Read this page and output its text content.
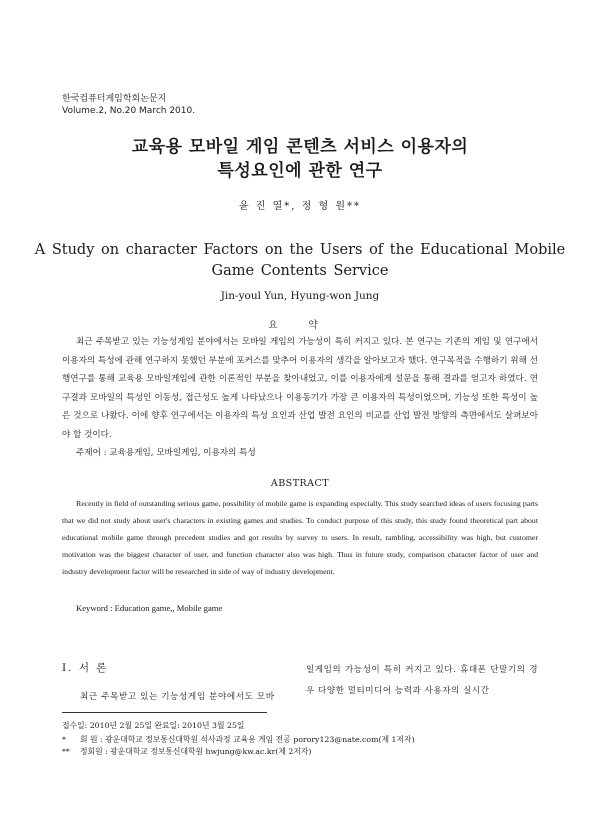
한국컴퓨터게임학회논문지
Volume.2, No.20 March 2010.
교육용 모바일 게임 콘텐츠 서비스 이용자의
특성요인에 관한 연구
윤 진 열*, 정 형 원**
A Study on character Factors on the Users of the Educational Mobile
Game Contents Service
Jin-youl Yun, Hyung-won Jung
요 약
최근 주목받고 있는 기능성게임 분야에서는 모바일 게임의 가능성이 특히 커지고 있다. 본 연구는 기존의 게임 및 연구에서 이용자의 특성에 관해 연구하지 못했던 부분에 포커스를 맞추어 이용자의 생각을 알아보고자 했다. 연구목적을 수행하기 위해 선행연구를 통해 교육용 모바일게임에 관한 이론적인 부분을 찾아내었고, 이를 이용자에게 설문을 통해 결과를 얻고자 하였다. 연구결과 모바일의 특성인 이동성, 접근성도 높게 나타났으나 이용동기가 가장 큰 이용자의 특성이었으며, 기능성 또한 특성이 높은 것으로 나왔다. 이에 향후 연구에서는 이용자의 특성 요인과 산업 발전 요인의 비교를 산업 발전 방향의 측면에서도 살펴보아야 할 것이다.
주제어 : 교육용게임, 모바일게임, 이용자의 특성
ABSTRACT
Recently in field of outstanding serious game, possibility of mobile game is expanding especially. This study searched ideas of users focusing parts that we did not study about user's characters in existing games and studies. To conduct purpose of this study, this study found theoretical part about educational mobile game through precedent studies and got results by survey to users. In result, rambling, accessibility was high, but customer motivation was the biggest character of user, and function character also was high. Thus in future study, comparison character factor of user and industry development factor will be researched in side of way of industry development.
Keyword : Education game,, Mobile game
Ⅰ. 서 론
최근 주목받고 있는 기능성게임 분야에서도 모바
일게임의 가능성이 특히 커지고 있다. 휴대폰 단말기의 경우 다양한 멀티미디어 능력과 사용자의 실시간
접수일: 2010년 2월 25일 완료일: 2010년 3월 25일
* 회 원 : 광운대학교 정보통신대학원 석사과정 교육용 게임 전공 porory123@nate.com(제 1저자)
** 정회원 : 광운대학교 정보통신대학원 hwjung@kw.ac.kr(제 2저자)
